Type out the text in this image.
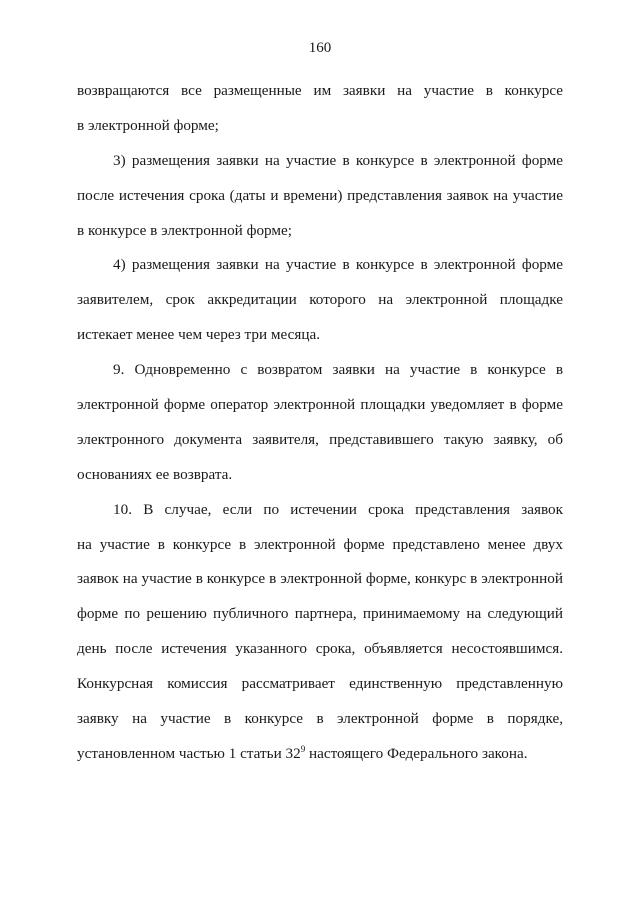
160
возвращаются все размещенные им заявки на участие в конкурсе
в электронной форме;
3) размещения заявки на участие в конкурсе в электронной форме
после истечения срока (даты и времени) представления заявок на участие
в конкурсе в электронной форме;
4) размещения заявки на участие в конкурсе в электронной форме
заявителем, срок аккредитации которого на электронной площадке
истекает менее чем через три месяца.
9. Одновременно с возвратом заявки на участие в конкурсе в
электронной форме оператор электронной площадки уведомляет в форме
электронного документа заявителя, представившего такую заявку, об
основаниях ее возврата.
10. В случае, если по истечении срока представления заявок
на участие в конкурсе в электронной форме представлено менее двух
заявок на участие в конкурсе в электронной форме, конкурс в электронной
форме по решению публичного партнера, принимаемому на следующий
день после истечения указанного срока, объявляется несостоявшимся.
Конкурсная комиссия рассматривает единственную представленную
заявку на участие в конкурсе в электронной форме в порядке,
установленном частью 1 статьи $32^9$ настоящего Федерального закона.
